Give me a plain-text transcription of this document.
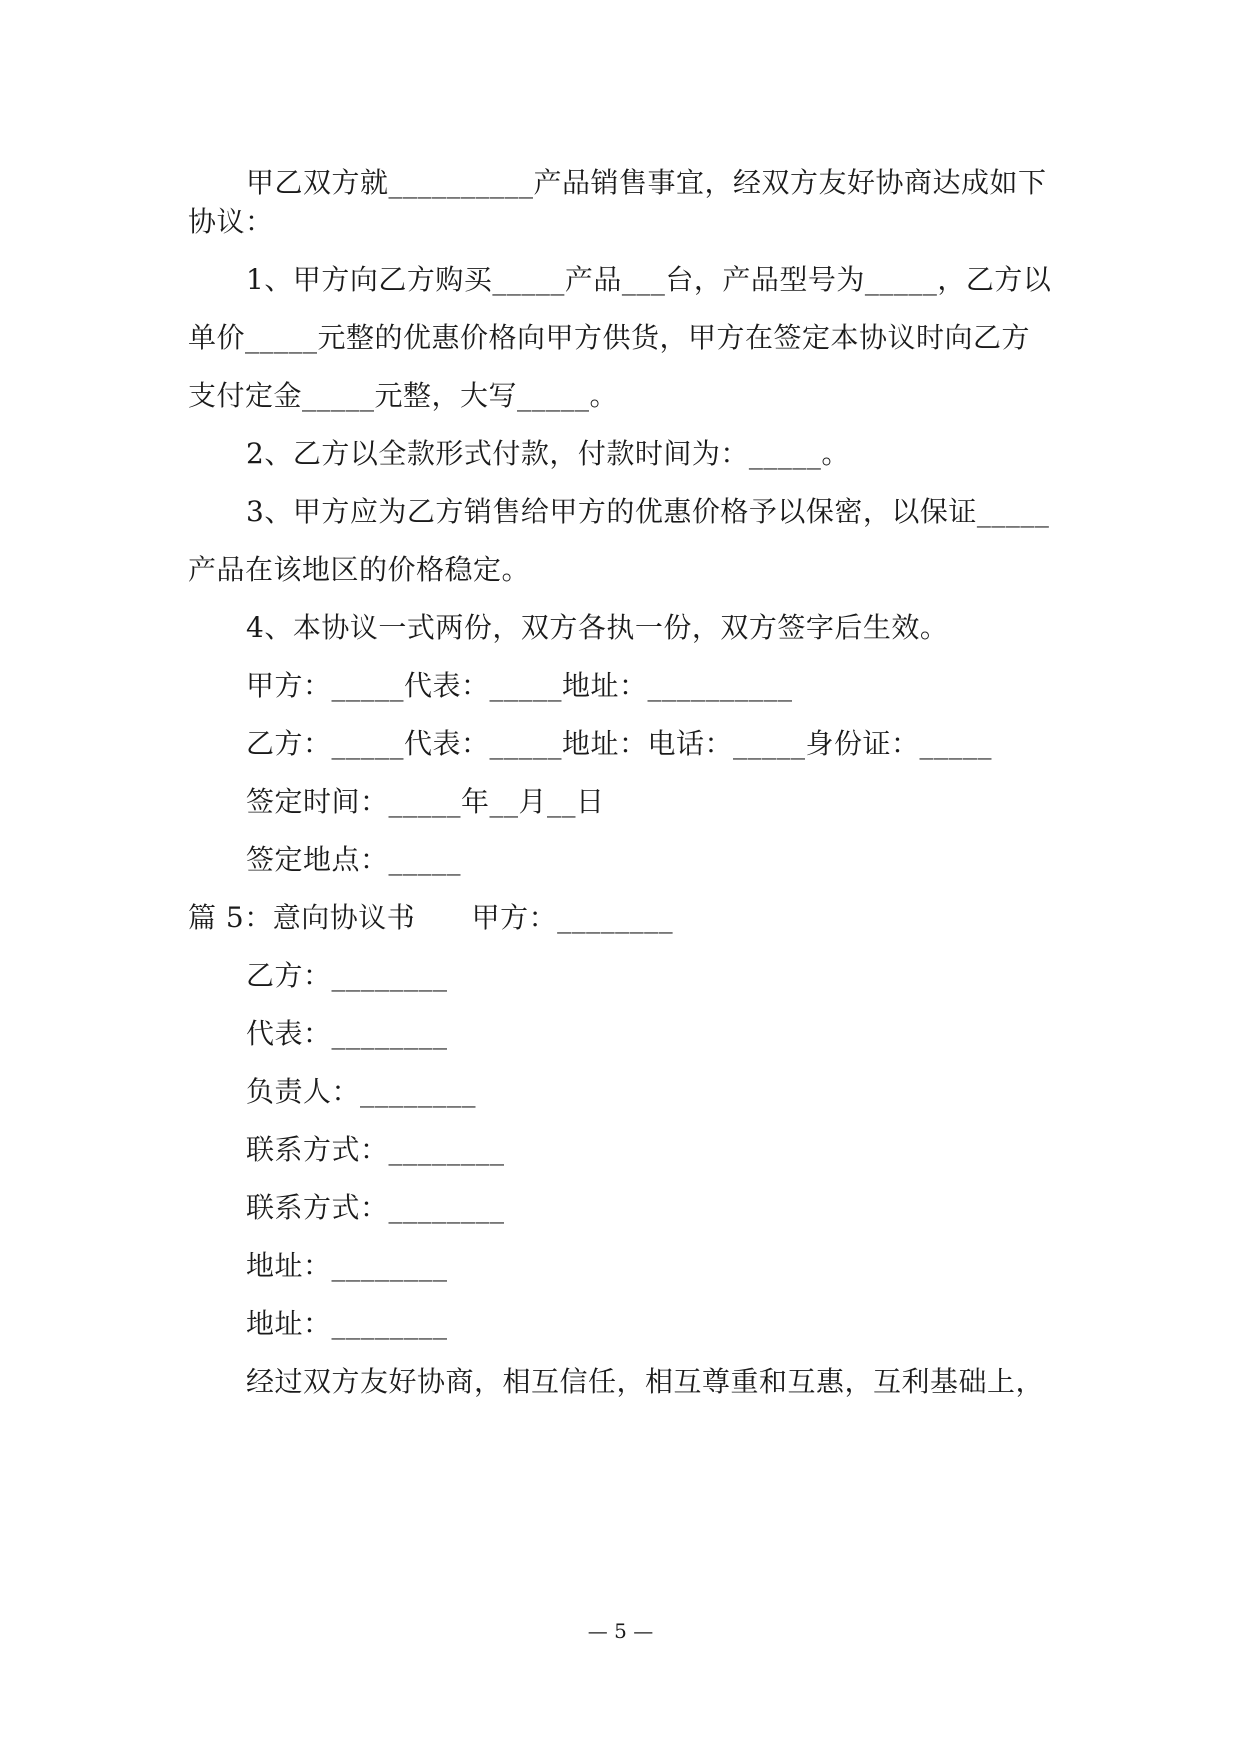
甲乙双方就__________产品销售事宜，经双方友好协商达成如下
协议：
1、甲方向乙方购买_____产品___台，产品型号为_____，乙方以
单价_____元整的优惠价格向甲方供货，甲方在签定本协议时向乙方
支付定金_____元整，大写_____。
2、乙方以全款形式付款，付款时间为：_____。
3、甲方应为乙方销售给甲方的优惠价格予以保密，以保证_____
产品在该地区的价格稳定。
4、本协议一式两份，双方各执一份，双方签字后生效。
甲方：_____代表：_____地址：__________
乙方：_____代表：_____地址：电话：_____身份证：_____
签定时间：_____年__月__日
签定地点：_____
篇 5：意向协议书      甲方：________
乙方：________
代表：________
负责人：________
联系方式：________
联系方式：________
地址：________
地址：________
经过双方友好协商，相互信任，相互尊重和互惠，互利基础上，
— 5 —
